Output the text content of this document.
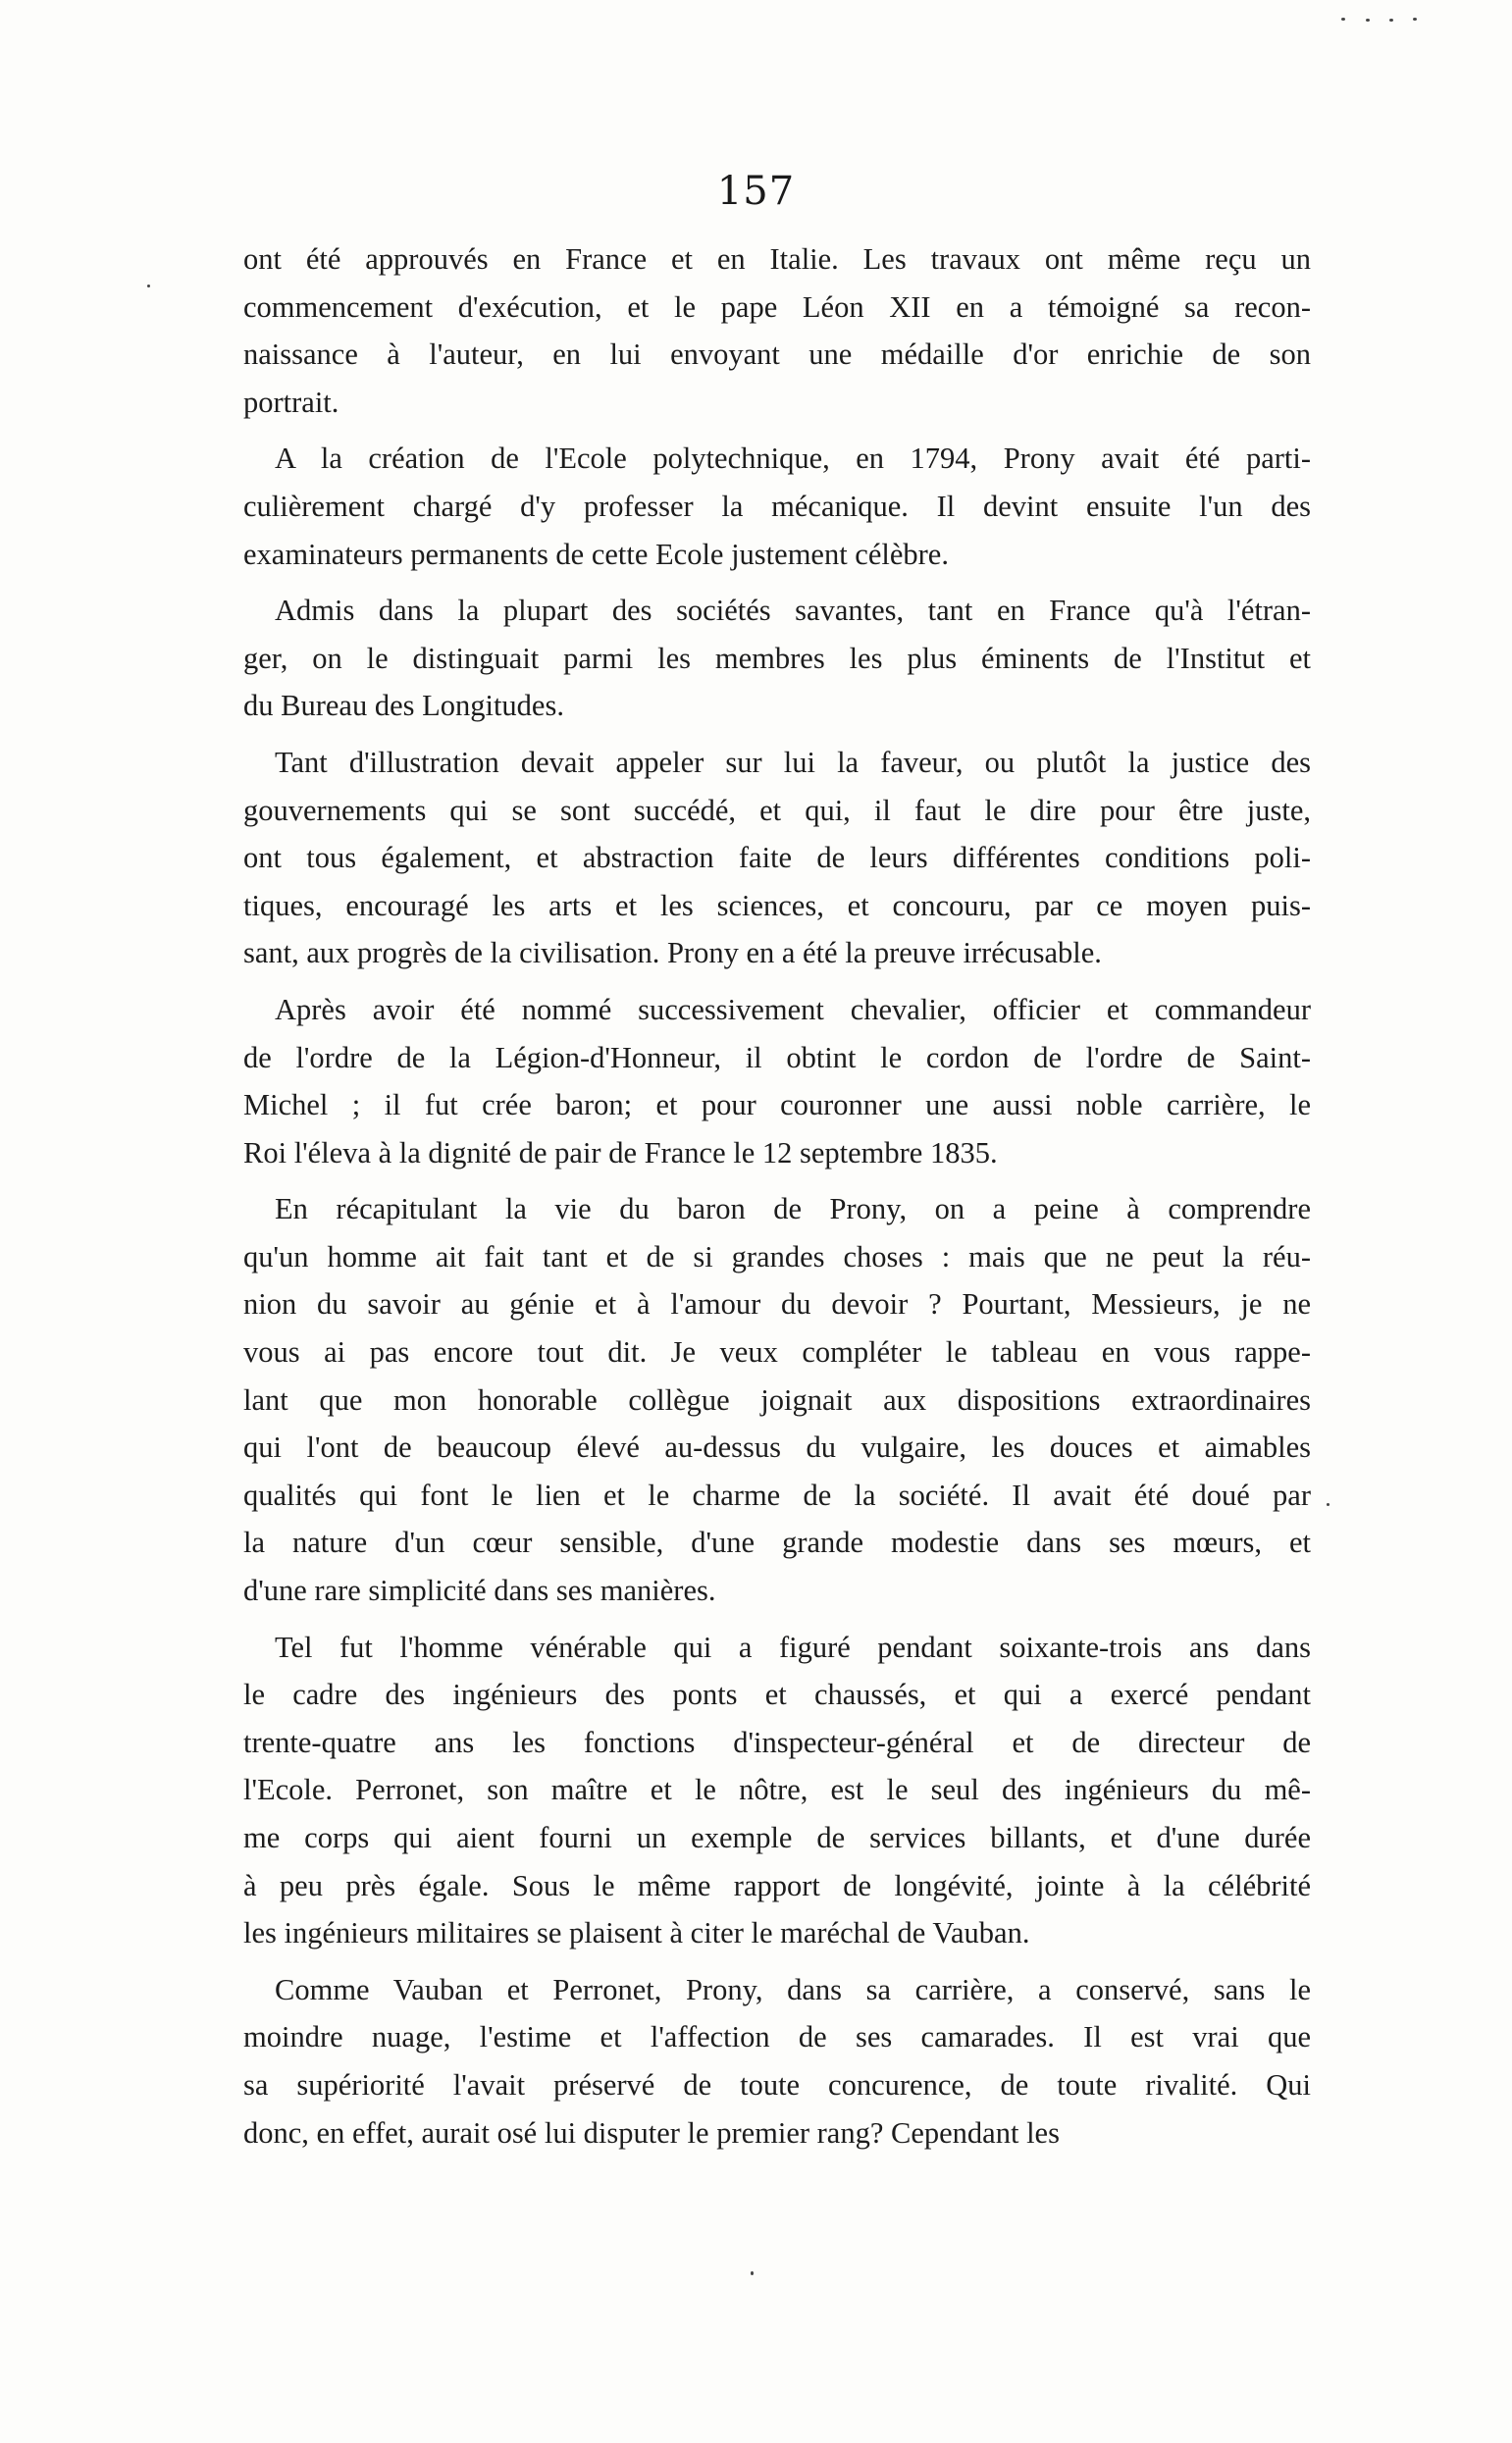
157
ont été approuvés en France et en Italie. Les travaux ont même reçu un
commencement d'exécution, et le pape Léon XII en a témoigné sa recon-
naissance à l'auteur, en lui envoyant une médaille d'or enrichie de son
portrait.
A la création de l'Ecole polytechnique, en 1794, Prony avait été parti-
culièrement chargé d'y professer la mécanique. Il devint ensuite l'un des
examinateurs permanents de cette Ecole justement célèbre.
Admis dans la plupart des sociétés savantes, tant en France qu'à l'étran-
ger, on le distinguait parmi les membres les plus éminents de l'Institut et
du Bureau des Longitudes.
Tant d'illustration devait appeler sur lui la faveur, ou plutôt la justice des
gouvernements qui se sont succédé, et qui, il faut le dire pour être juste,
ont tous également, et abstraction faite de leurs différentes conditions poli-
tiques, encouragé les arts et les sciences, et concouru, par ce moyen puis-
sant, aux progrès de la civilisation. Prony en a été la preuve irrécusable.
Après avoir été nommé successivement chevalier, officier et commandeur
de l'ordre de la Légion-d'Honneur, il obtint le cordon de l'ordre de Saint-
Michel ; il fut crée baron; et pour couronner une aussi noble carrière, le
Roi l'éleva à la dignité de pair de France le 12 septembre 1835.
En récapitulant la vie du baron de Prony, on a peine à comprendre
qu'un homme ait fait tant et de si grandes choses : mais que ne peut la réu-
nion du savoir au génie et à l'amour du devoir ? Pourtant, Messieurs, je ne
vous ai pas encore tout dit. Je veux compléter le tableau en vous rappe-
lant que mon honorable collègue joignait aux dispositions extraordinaires
qui l'ont de beaucoup élevé au-dessus du vulgaire, les douces et aimables
qualités qui font le lien et le charme de la société. Il avait été doué par
la nature d'un cœur sensible, d'une grande modestie dans ses mœurs, et
d'une rare simplicité dans ses manières.
Tel fut l'homme vénérable qui a figuré pendant soixante-trois ans dans
le cadre des ingénieurs des ponts et chaussés, et qui a exercé pendant
trente-quatre ans les fonctions d'inspecteur-général et de directeur de
l'Ecole. Perronet, son maître et le nôtre, est le seul des ingénieurs du mê-
me corps qui aient fourni un exemple de services billants, et d'une durée
à peu près égale. Sous le même rapport de longévité, jointe à la célébrité
les ingénieurs militaires se plaisent à citer le maréchal de Vauban.
Comme Vauban et Perronet, Prony, dans sa carrière, a conservé, sans le
moindre nuage, l'estime et l'affection de ses camarades. Il est vrai que
sa supériorité l'avait préservé de toute concurence, de toute rivalité. Qui
donc, en effet, aurait osé lui disputer le premier rang? Cependant les
